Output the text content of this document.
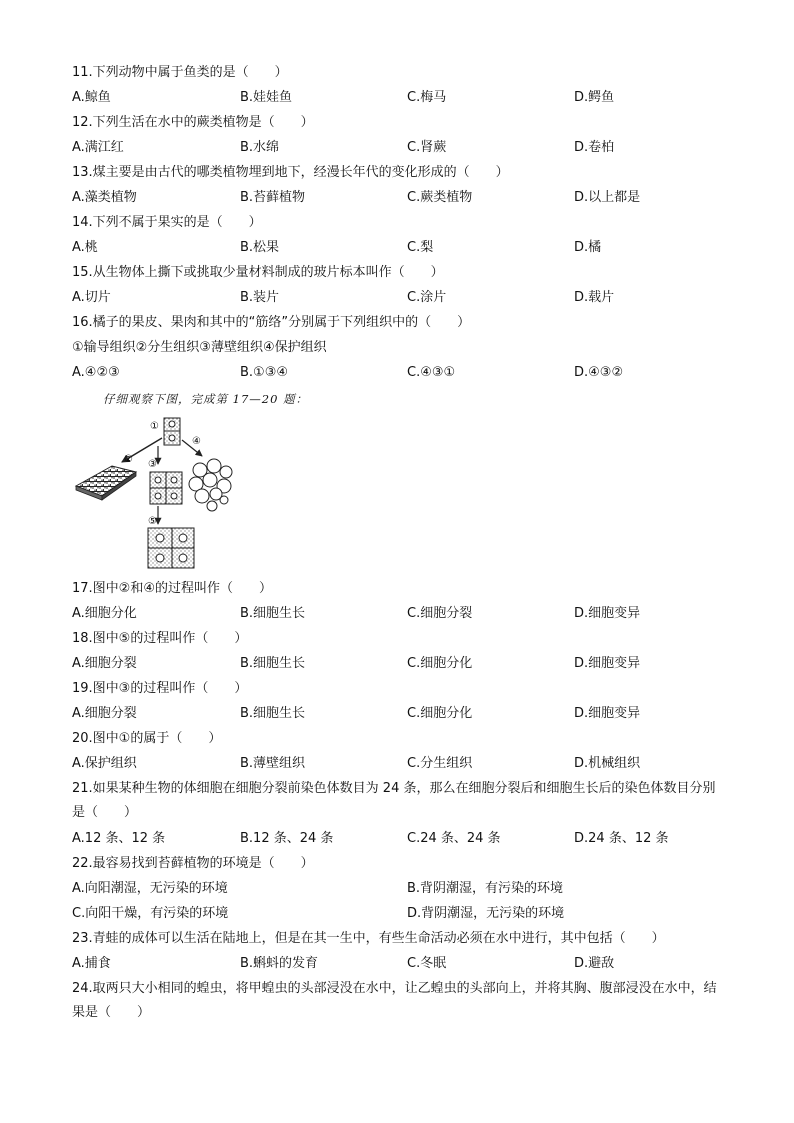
11.下列动物中属于鱼类的是（　　）
A.鲸鱼	B.娃娃鱼	C.梅马	D.鳄鱼
12.下列生活在水中的蕨类植物是（　　）
A.满江红	B.水绵	C.肾蕨	D.卷柏
13.煤主要是由古代的哪类植物埋到地下，经漫长年代的变化形成的（　　）
A.藻类植物	B.苔藓植物	C.蕨类植物	D.以上都是
14.下列不属于果实的是（　　）
A.桃	B.松果	C.梨	D.橘
15.从生物体上撕下或挑取少量材料制成的玻片标本叫作（　　）
A.切片	B.装片	C.涂片	D.载片
16.橘子的果皮、果肉和其中的“筋络”分别属于下列组织中的（　　）
①输导组织②分生组织③薄壁组织④保护组织
A.④②③	B.①③④	C.④③①	D.④③②
仔细观察下图，完成第 17—20 题：
①
② ③
④
⑤
17.图中②和④的过程叫作（　　）
A.细胞分化	B.细胞生长	C.细胞分裂	D.细胞变异
18.图中⑤的过程叫作（　　）
A.细胞分裂	B.细胞生长	C.细胞分化	D.细胞变异
19.图中③的过程叫作（　　）
A.细胞分裂	B.细胞生长	C.细胞分化	D.细胞变异
20.图中①的属于（　　）
A.保护组织	B.薄壁组织	C.分生组织	D.机械组织
21.如果某种生物的体细胞在细胞分裂前染色体数目为 24 条，那么在细胞分裂后和细胞生长后的染色体数目分别是（　　）
A.12 条、12 条	B.12 条、24 条	C.24 条、24 条	D.24 条、12 条
22.最容易找到苔藓植物的环境是（　　）
A.向阳潮湿，无污染的环境	B.背阴潮湿，有污染的环境
C.向阳干燥，有污染的环境	D.背阴潮湿，无污染的环境
23.青蛙的成体可以生活在陆地上，但是在其一生中，有些生命活动必须在水中进行，其中包括（　　）
A.捕食	B.蝌蚪的发育	C.冬眠	D.避敌
24.取两只大小相同的蝗虫，将甲蝗虫的头部浸没在水中，让乙蝗虫的头部向上，并将其胸、腹部浸没在水中，结果是（　　）
